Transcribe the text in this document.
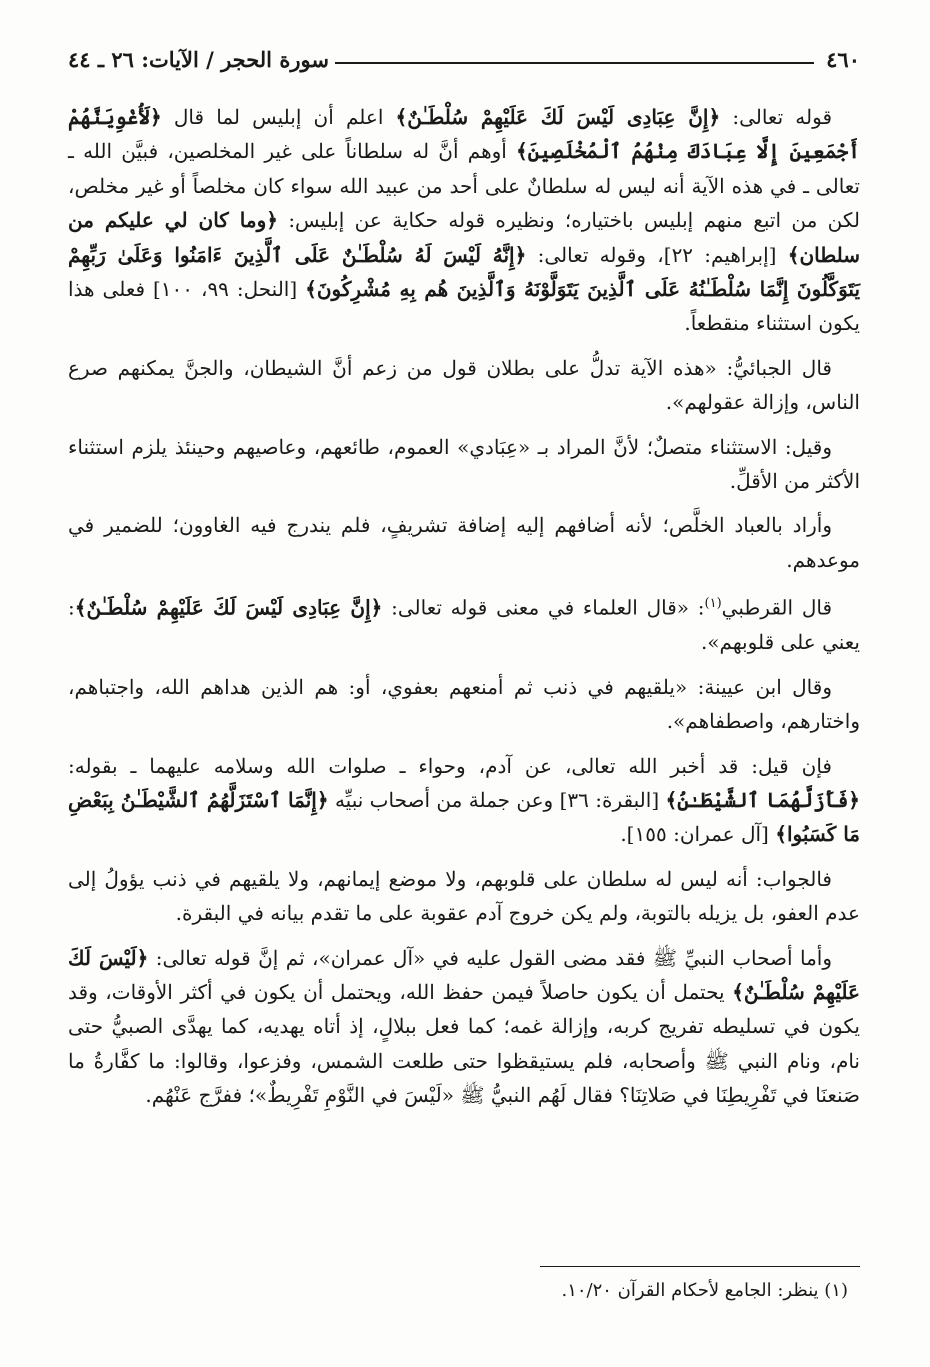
٤٦٠
سورة الحجر / الآيات: ٢٦ ـ ٤٤

قوله تعالى: ﴿إِنَّ عِبَادِى لَيْسَ لَكَ عَلَيْهِمْ سُلْطَـٰنٌ﴾ اعلم أن إبليس لما قال ﴿لَأُغْوِيَنَّهُمْ أَجْمَعِينَ إِلَّا عِبَادَكَ مِنْهُمُ ٱلْمُخْلَصِينَ﴾ أوهم أنَّ له سلطاناً على غير المخلصين، فبيَّن الله ـ تعالى ـ في هذه الآية أنه ليس له سلطانٌ على أحد من عبيد الله سواء كان مخلصاً أو غير مخلص، لكن من اتبع منهم إبليس باختياره؛ ونظيره قوله حكاية عن إبليس: ﴿وما كان لي عليكم من سلطان﴾ [إبراهيم: ٢٢]، وقوله تعالى: ﴿إِنَّهُ لَيْسَ لَهُ سُلْطَـٰنٌ عَلَى ٱلَّذِينَ ءَامَنُوا وَعَلَىٰ رَبِّهِمْ يَتَوَكَّلُونَ إِنَّمَا سُلْطَـٰنُهُ عَلَى ٱلَّذِينَ يَتَوَلَّوْنَهُ وَٱلَّذِينَ هُم بِهِ مُشْرِكُونَ﴾ [النحل: ٩٩، ١٠٠] فعلى هذا يكون استثناء منقطعاً.

قال الجبائيُّ: «هذه الآية تدلُّ على بطلان قول من زعم أنَّ الشيطان، والجنَّ يمكنهم صرع الناس، وإزالة عقولهم».

وقيل: الاستثناء متصلٌ؛ لأنَّ المراد بـ «عِبَادي» العموم، طائعهم، وعاصيهم وحينئذ يلزم استثناء الأكثر من الأقلِّ.

وأراد بالعباد الخلَّص؛ لأنه أضافهم إليه إضافة تشريفٍ، فلم يندرج فيه الغاوون؛ للضمير في موعدهم.

قال القرطبي$^{(١)}$: «قال العلماء في معنى قوله تعالى: ﴿إِنَّ عِبَادِى لَيْسَ لَكَ عَلَيْهِمْ سُلْطَـٰنٌ﴾: يعني على قلوبهم».

وقال ابن عيينة: «يلقيهم في ذنب ثم أمنعهم بعفوي، أو: هم الذين هداهم الله، واجتباهم، واختارهم، واصطفاهم».

فإن قيل: قد أخبر الله تعالى، عن آدم، وحواء ـ صلوات الله وسلامه عليهما ـ بقوله: ﴿فَأَزَلَّهُمَا ٱلشَّيْطَـٰنُ﴾ [البقرة: ٣٦] وعن جملة من أصحاب نبيِّه ﴿إِنَّمَا ٱسْتَزَلَّهُمُ ٱلشَّيْطَـٰنُ بِبَعْضِ مَا كَسَبُوا﴾ [آل عمران: ١٥٥].

فالجواب: أنه ليس له سلطان على قلوبهم، ولا موضع إيمانهم، ولا يلقيهم في ذنب يؤولُ إلى عدم العفو، بل يزيله بالتوبة، ولم يكن خروج آدم عقوبة على ما تقدم بيانه في البقرة.

وأما أصحاب النبيِّ ﷺ فقد مضى القول عليه في «آل عمران»، ثم إنَّ قوله تعالى: ﴿لَيْسَ لَكَ عَلَيْهِمْ سُلْطَـٰنٌ﴾ يحتمل أن يكون حاصلاً فيمن حفظ الله، ويحتمل أن يكون في أكثر الأوقات، وقد يكون في تسليطه تفريج كربه، وإزالة غمه؛ كما فعل ببلالٍ، إذ أتاه يهديه، كما يهدَّى الصبيُّ حتى نام، ونام النبي ﷺ وأصحابه، فلم يستيقظوا حتى طلعت الشمس، وفزعوا، وقالوا: ما كفَّارةُ ما صَنعنَا في تَفْرِيطِنَا في صَلاتِنَا؟ فقال لَهُم النبيُّ ﷺ «لَيْسَ في النَّوْمِ تَفْرِيطٌ»؛ ففرَّج عَنْهُم.

(١) ينظر: الجامع لأحكام القرآن ١٠/٢٠.
